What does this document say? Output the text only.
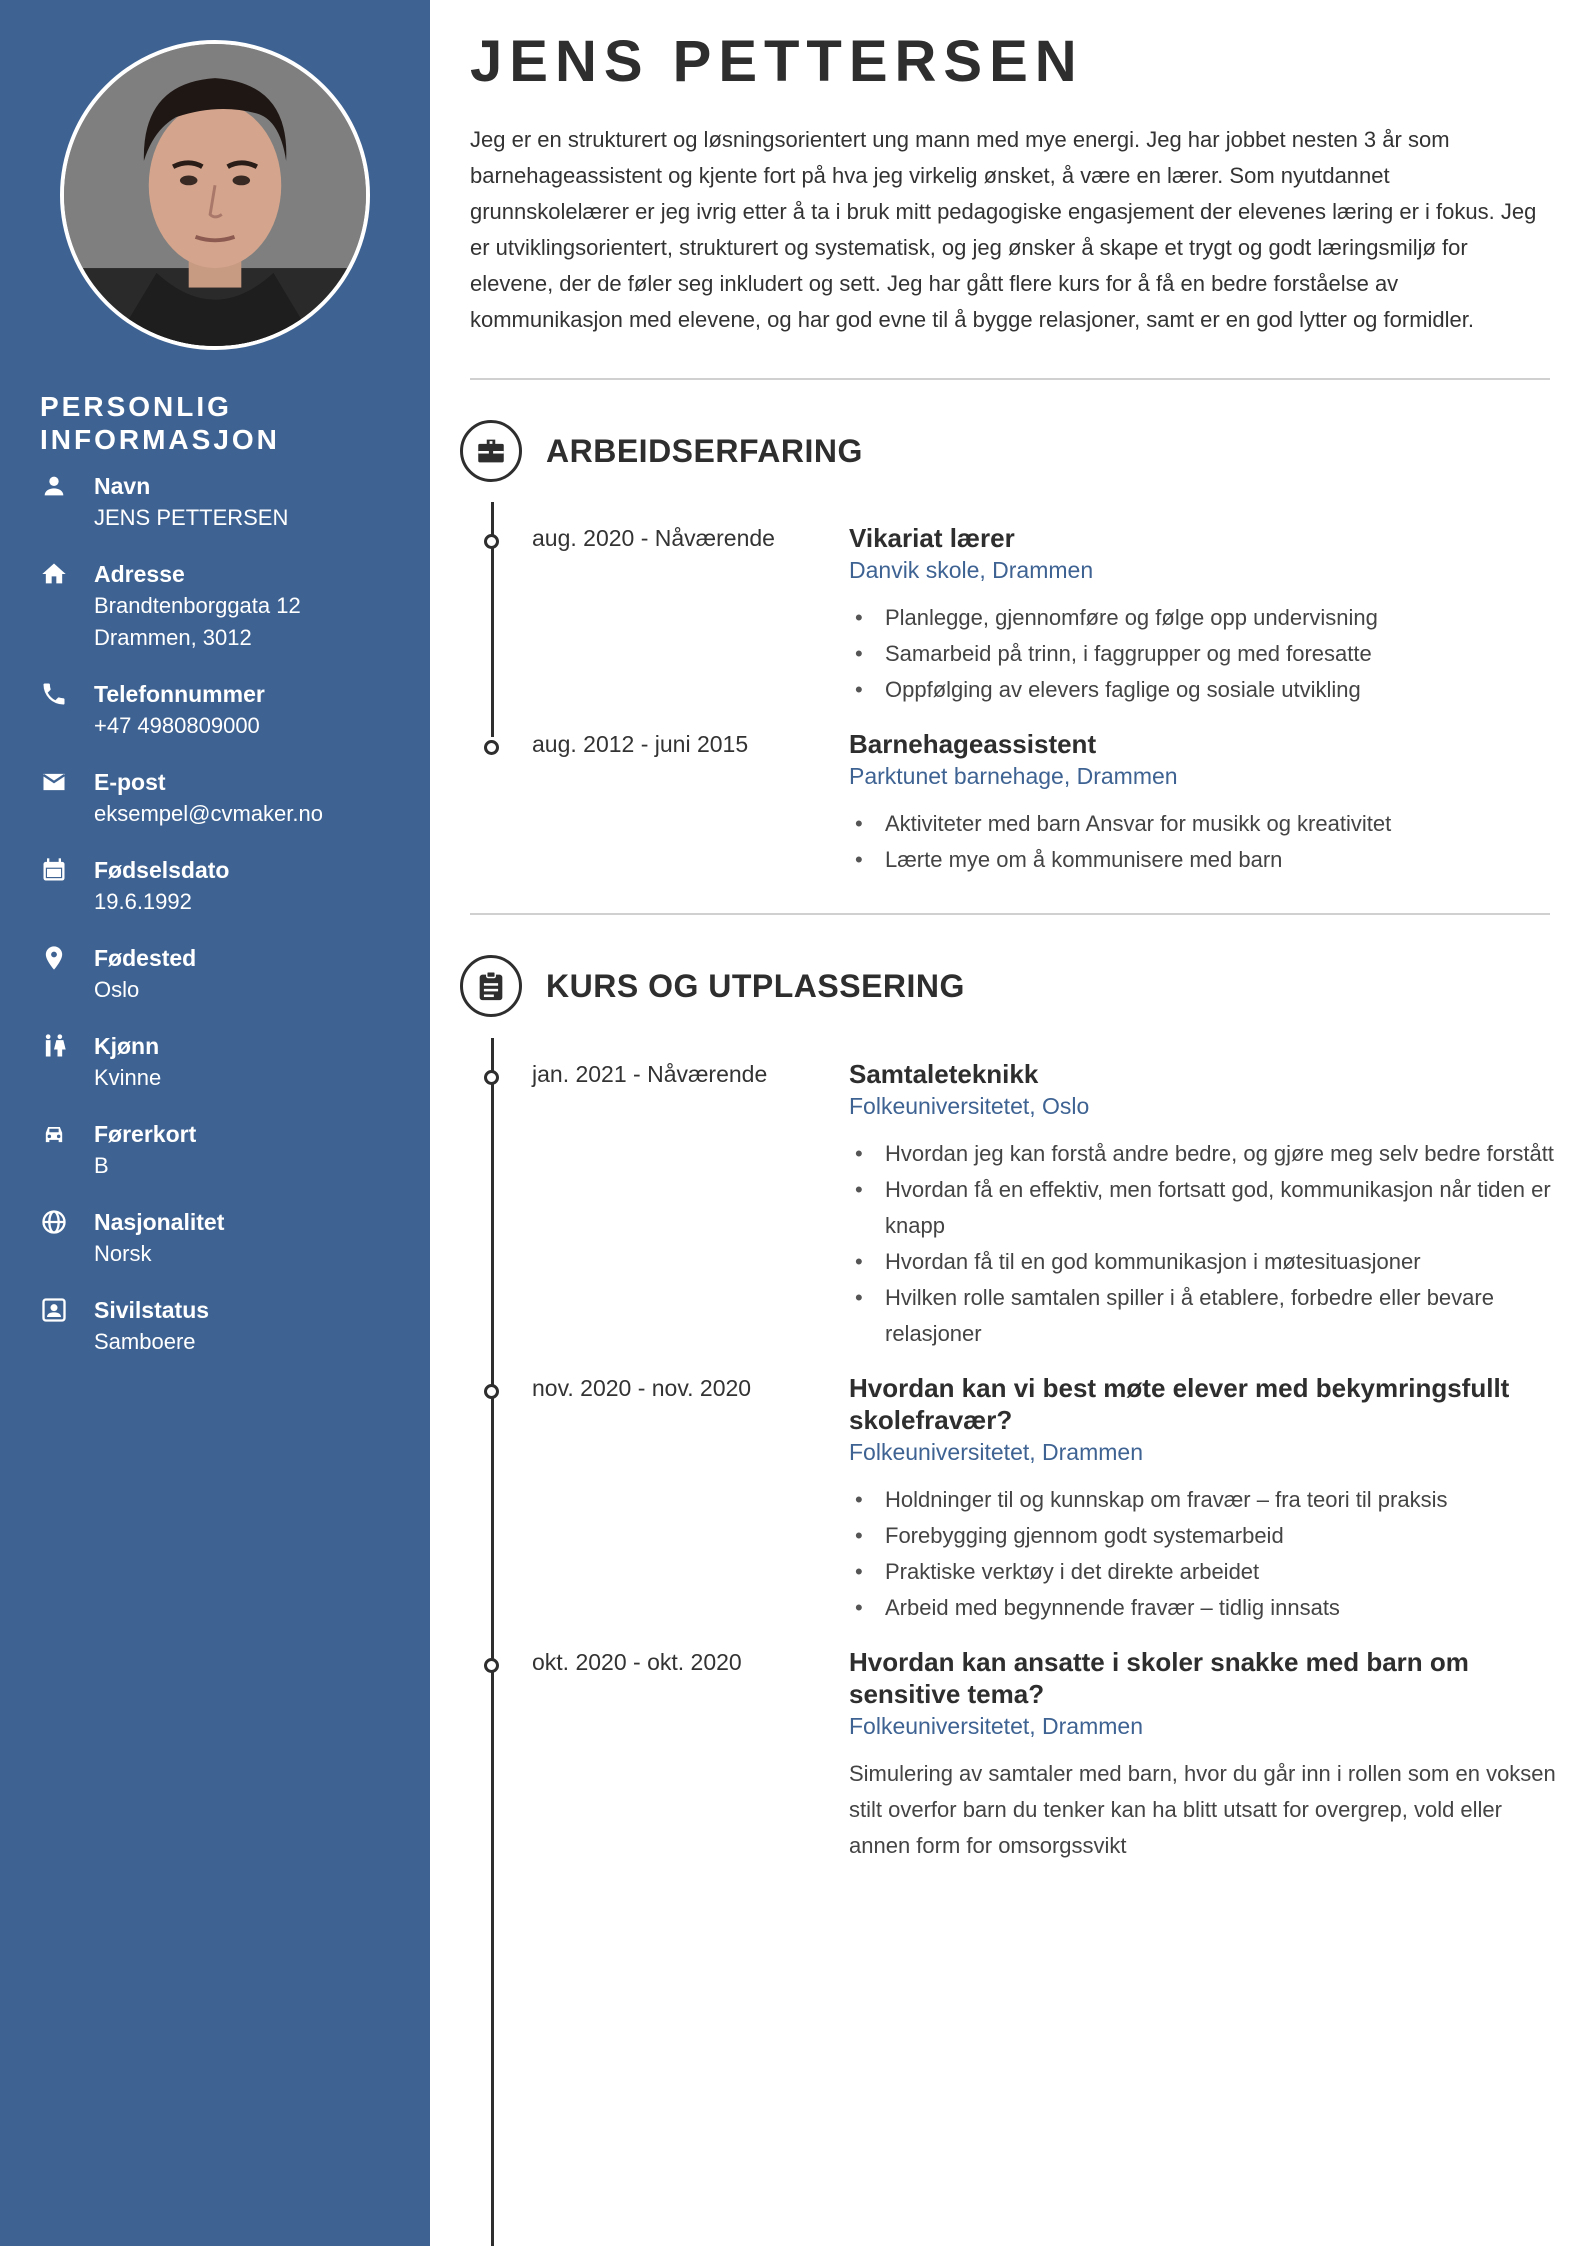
PERSONLIG INFORMASJON
Navn
JENS PETTERSEN
Adresse
Brandtenborggata 12
Drammen, 3012
Telefonnummer
+47 4980809000
E-post
eksempel@cvmaker.no
Fødselsdato
19.6.1992
Fødested
Oslo
Kjønn
Kvinne
Førerkort
B
Nasjonalitet
Norsk
Sivilstatus
Samboere
JENS PETTERSEN

Jeg er en strukturert og løsningsorientert ung mann med mye energi. Jeg har jobbet nesten 3 år som barnehageassistent og kjente fort på hva jeg virkelig ønsket, å være en lærer. Som nyutdannet grunnskolelærer er jeg ivrig etter å ta i bruk mitt pedagogiske engasjement der elevenes læring er i fokus. Jeg er utviklingsorientert, strukturert og systematisk, og jeg ønsker å skape et trygt og godt læringsmiljø for elevene, der de føler seg inkludert og sett. Jeg har gått flere kurs for å få en bedre forståelse av kommunikasjon med elevene, og har god evne til å bygge relasjoner, samt er en god lytter og formidler.

ARBEIDSERFARING
aug. 2020 - Nåværende	Vikariat lærer
Danvik skole, Drammen
• Planlegge, gjennomføre og følge opp undervisning
• Samarbeid på trinn, i faggrupper og med foresatte
• Oppfølging av elevers faglige og sosiale utvikling
aug. 2012 - juni 2015	Barnehageassistent
Parktunet barnehage, Drammen
• Aktiviteter med barn Ansvar for musikk og kreativitet
• Lærte mye om å kommunisere med barn
KURS OG UTPLASSERING
jan. 2021 - Nåværende	Samtaleteknikk
Folkeuniversitetet, Oslo
• Hvordan jeg kan forstå andre bedre, og gjøre meg selv bedre forstått
• Hvordan få en effektiv, men fortsatt god, kommunikasjon når tiden er knapp
• Hvordan få til en god kommunikasjon i møtesituasjoner
• Hvilken rolle samtalen spiller i å etablere, forbedre eller bevare relasjoner
nov. 2020 - nov. 2020	Hvordan kan vi best møte elever med bekymringsfullt skolefravær?
Folkeuniversitetet, Drammen
• Holdninger til og kunnskap om fravær – fra teori til praksis
• Forebygging gjennom godt systemarbeid
• Praktiske verktøy i det direkte arbeidet
• Arbeid med begynnende fravær – tidlig innsats
okt. 2020 - okt. 2020	Hvordan kan ansatte i skoler snakke med barn om sensitive tema?
Folkeuniversitetet, Drammen

Simulering av samtaler med barn, hvor du går inn i rollen som en voksen stilt overfor barn du tenker kan ha blitt utsatt for overgrep, vold eller annen form for omsorgssvikt
